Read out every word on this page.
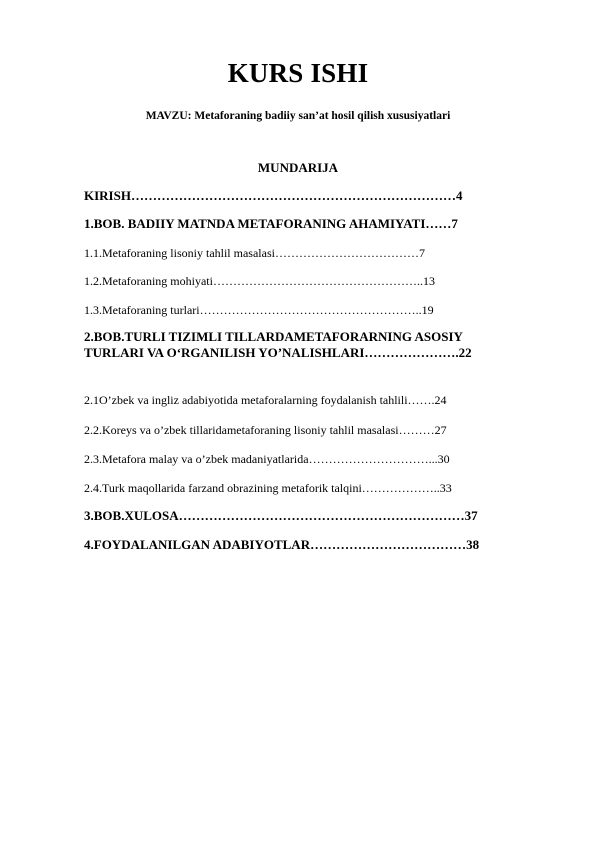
KURS ISHI
MAVZU: Metaforaning badiiy san’at hosil qilish xususiyatlari
MUNDARIJA
KIRISH…………………………………………………………………4
1.BOB. BADIIY MATNDA METAFORANING AHAMIYATI……7
1.1.Metaforaning lisoniy tahlil masalasi………………………………7
1.2.Metaforaning mohiyati……………………………………………..13
1.3.Metaforaning turlari………………………………………………..19
2.BOB.TURLI TIZIMLI TILLARDAMETAFORARNING ASOSIY TURLARI VA O‘RGANILISH YO’NALISHLARI………………….22
2.1O’zbek va ingliz adabiyotida metaforalarning foydalanish tahlili…….24
2.2.Koreys va o’zbek tillaridametaforaning lisoniy tahlil masalasi………27
2.3.Metafora malay va o’zbek madaniyatlarida…………………………...30
2.4.Turk maqollarida farzand obrazining metaforik talqini………………..33
3.BOB.XULOSA…………………………………………………………37
4.FOYDALANILGAN ADABIYOTLAR………………………………38
